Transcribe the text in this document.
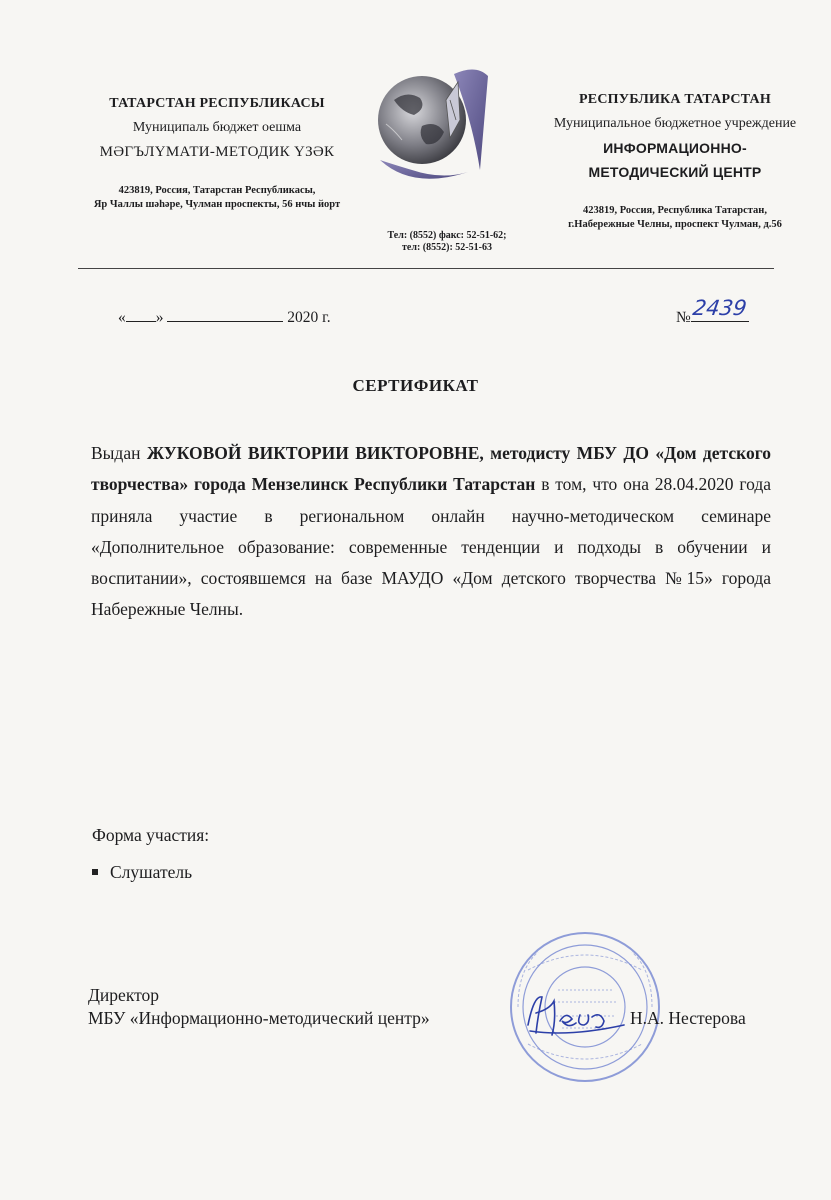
ТАТАРСТАН РЕСПУБЛИКАСЫ
Муниципаль бюджет оешма
МӘГЪЛҮМАТИ-МЕТОДИК ҮЗӘК
423819, Россия, Татарстан Республикасы,
Яр Чаллы шәһәре, Чулман проспекты, 56 нчы йорт
РЕСПУБЛИКА ТАТАРСТАН
Муниципальное бюджетное учреждение
ИНФОРМАЦИОННО-
МЕТОДИЧЕСКИЙ ЦЕНТР
423819, Россия, Республика Татарстан,
г.Набережные Челны, проспект Чулман, д.56
Тел: (8552) факс: 52-51-62;
тел: (8552): 52-51-63
« »	2020 г.	№ 2439
СЕРТИФИКАТ
Выдан ЖУКОВОЙ ВИКТОРИИ ВИКТОРОВНЕ, методисту МБУ ДО «Дом детского творчества» города Мензелинск Республики Татарстан в том, что она 28.04.2020 года приняла участие в региональном онлайн научно-методическом семинаре «Дополнительное образование: современные тенденции и подходы в обучении и воспитании», состоявшемся на базе МАУДО «Дом детского творчества №15» города Набережные Челны.
Форма участия:
Слушатель
Директор
МБУ «Информационно-методический центр»	Н.А. Нестерова
